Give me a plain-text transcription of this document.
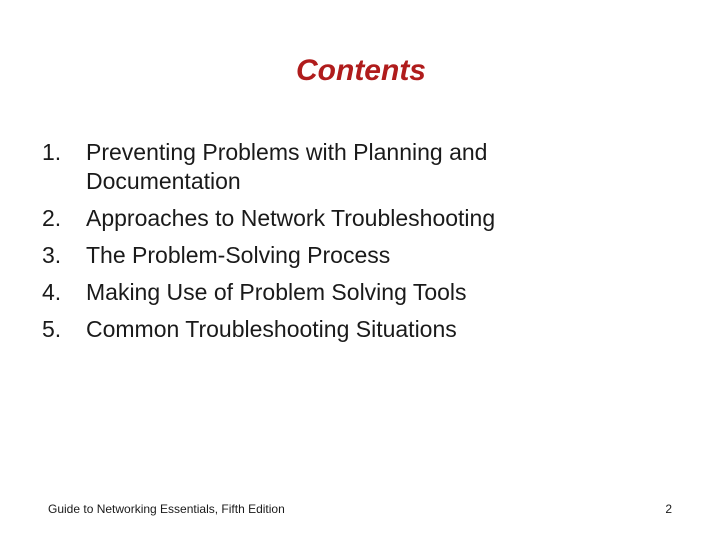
Contents
1.	Preventing Problems with Planning and Documentation
2.	Approaches to Network Troubleshooting
3.	The Problem-Solving Process
4.	Making Use of Problem Solving Tools
5.	Common Troubleshooting Situations
Guide to Networking Essentials, Fifth Edition	2
